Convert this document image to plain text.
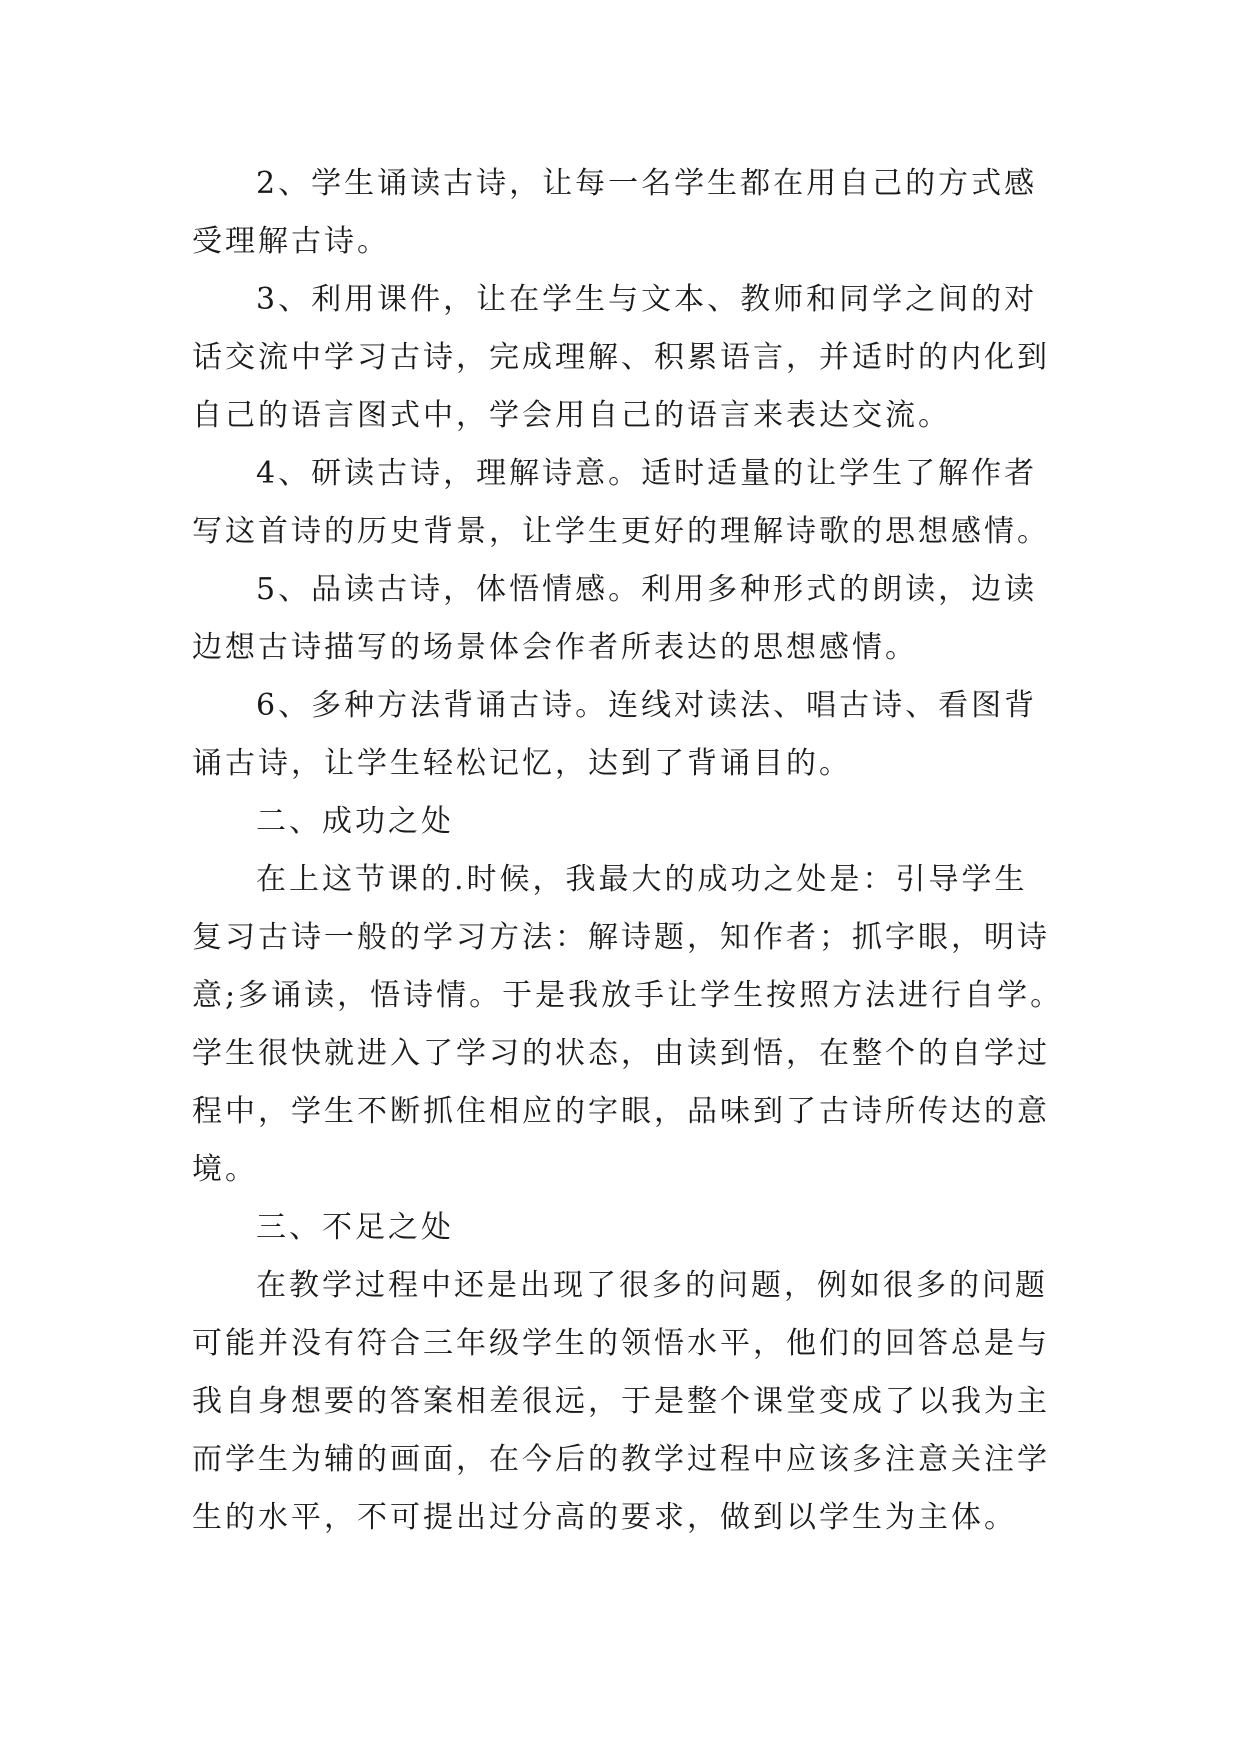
2、学生诵读古诗，让每一名学生都在用自己的方式感
受理解古诗。
3、利用课件，让在学生与文本、教师和同学之间的对
话交流中学习古诗，完成理解、积累语言，并适时的内化到
自己的语言图式中，学会用自己的语言来表达交流。
4、研读古诗，理解诗意。适时适量的让学生了解作者
写这首诗的历史背景，让学生更好的理解诗歌的思想感情。
5、品读古诗，体悟情感。利用多种形式的朗读，边读
边想古诗描写的场景体会作者所表达的思想感情。
6、多种方法背诵古诗。连线对读法、唱古诗、看图背
诵古诗，让学生轻松记忆，达到了背诵目的。
二、成功之处
在上这节课的.时候，我最大的成功之处是：引导学生
复习古诗一般的学习方法：解诗题，知作者；抓字眼，明诗
意;多诵读，悟诗情。于是我放手让学生按照方法进行自学。
学生很快就进入了学习的状态，由读到悟，在整个的自学过
程中，学生不断抓住相应的字眼，品味到了古诗所传达的意
境。
三、不足之处
在教学过程中还是出现了很多的问题，例如很多的问题
可能并没有符合三年级学生的领悟水平，他们的回答总是与
我自身想要的答案相差很远，于是整个课堂变成了以我为主
而学生为辅的画面，在今后的教学过程中应该多注意关注学
生的水平，不可提出过分高的要求，做到以学生为主体。
